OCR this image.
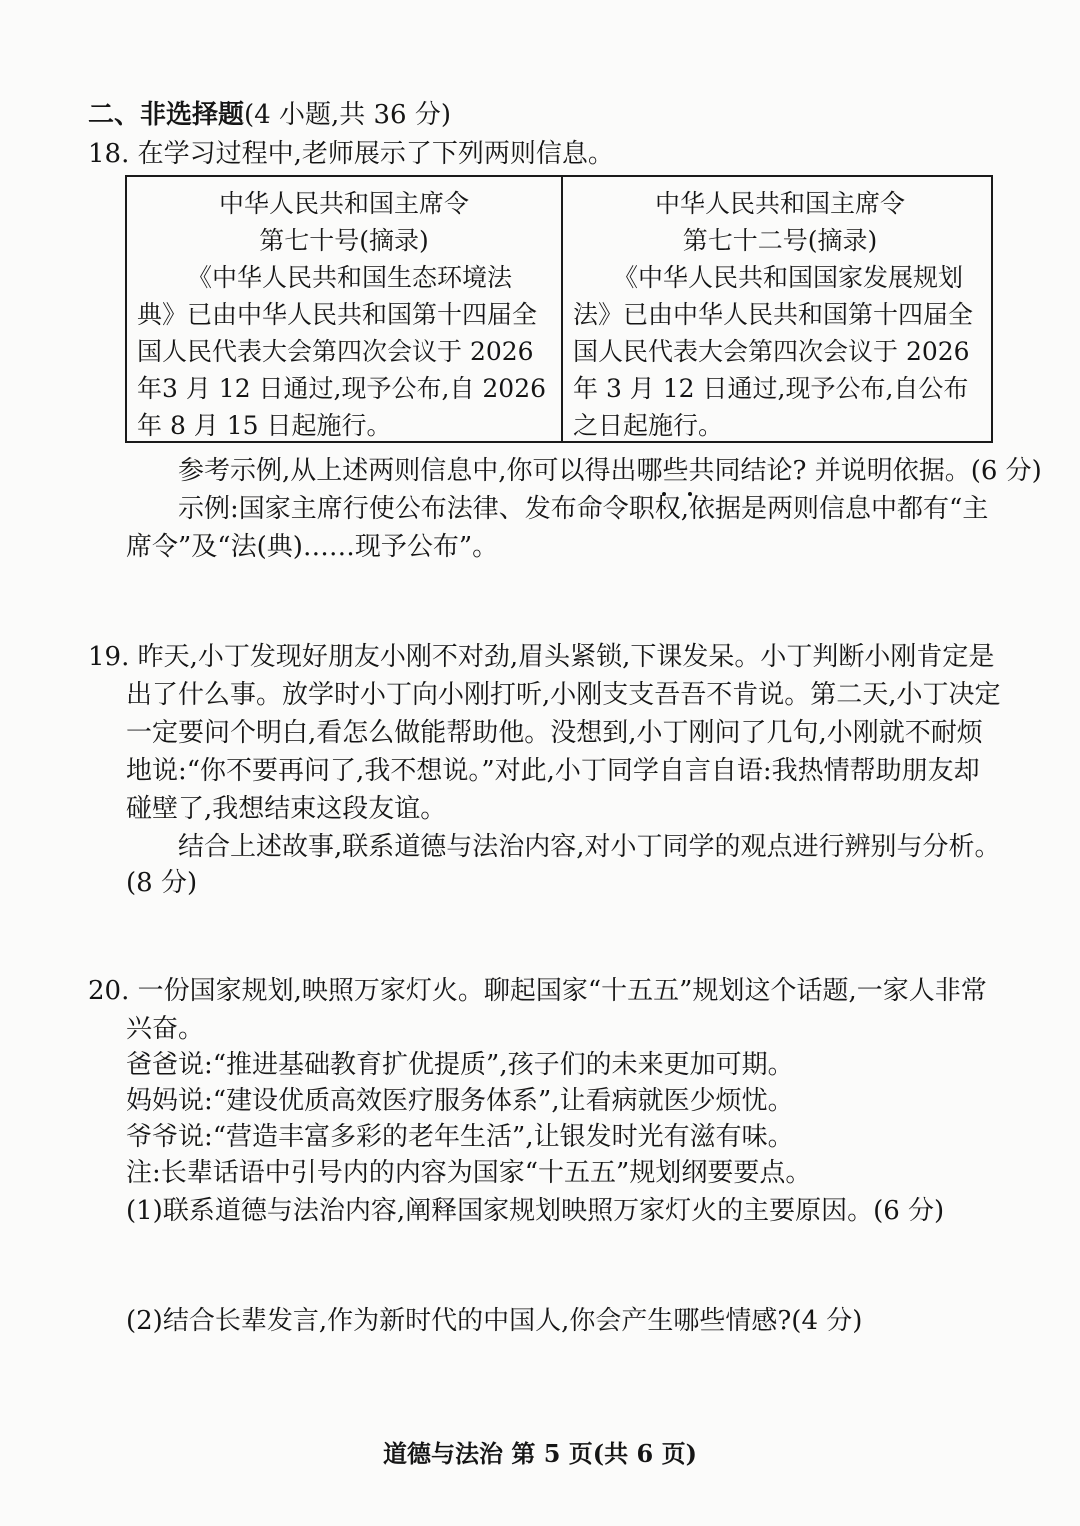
二、非选择题(4 小题,共 36 分)
18. 在学习过程中,老师展示了下列两则信息。
中华人民共和国主席令
第七十号(摘录)
《中华人民共和国生态环境法
典》已由中华人民共和国第十四届全
国人民代表大会第四次会议于 2026
年3 月 12 日通过,现予公布,自 2026
年 8 月 15 日起施行。
中华人民共和国主席令
第七十二号(摘录)
《中华人民共和国国家发展规划
法》已由中华人民共和国第十四届全
国人民代表大会第四次会议于 2026
年 3 月 12 日通过,现予公布,自公布
之日起施行。
参考示例,从上述两则信息中,你可以得出哪些共同结论? 并说明依据。(6 分)
示例:国家主席行使公布法律、发布命令职权,依据是两则信息中都有“主
席令”及“法(典)……现予公布”。
19. 昨天,小丁发现好朋友小刚不对劲,眉头紧锁,下课发呆。小丁判断小刚肯定是
出了什么事。放学时小丁向小刚打听,小刚支支吾吾不肯说。第二天,小丁决定
一定要问个明白,看怎么做能帮助他。没想到,小丁刚问了几句,小刚就不耐烦
地说:“你不要再问了,我不想说。”对此,小丁同学自言自语:我热情帮助朋友却
碰壁了,我想结束这段友谊。
结合上述故事,联系道德与法治内容,对小丁同学的观点进行辨别与分析。
(8 分)
20. 一份国家规划,映照万家灯火。聊起国家“十五五”规划这个话题,一家人非常
兴奋。
爸爸说:“推进基础教育扩优提质”,孩子们的未来更加可期。
妈妈说:“建设优质高效医疗服务体系”,让看病就医少烦忧。
爷爷说:“营造丰富多彩的老年生活”,让银发时光有滋有味。
注:长辈话语中引号内的内容为国家“十五五”规划纲要要点。
(1)联系道德与法治内容,阐释国家规划映照万家灯火的主要原因。(6 分)
(2)结合长辈发言,作为新时代的中国人,你会产生哪些情感?(4 分)
道德与法治 第 5 页(共 6 页)
